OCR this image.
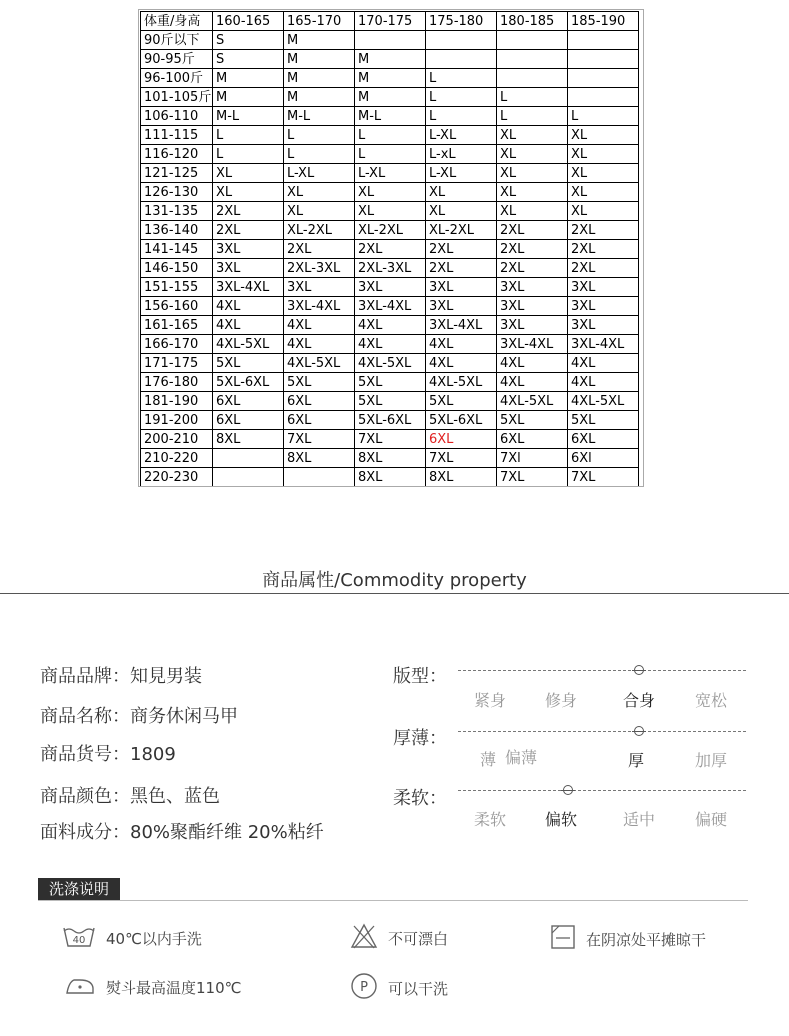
体重/身高	160-165	165-170	170-175	175-180	180-185	185-190
90斤以下	S	M				
90-95斤	S	M	M			
96-100斤	M	M	M	L		
101-105斤	M	M	M	L	L	
106-110	M-L	M-L	M-L	L	L	L
111-115	L	L	L	L-XL	XL	XL
116-120	L	L	L	L-xL	XL	XL
121-125	XL	L-XL	L-XL	L-XL	XL	XL
126-130	XL	XL	XL	XL	XL	XL
131-135	2XL	XL	XL	XL	XL	XL
136-140	2XL	XL-2XL	XL-2XL	XL-2XL	2XL	2XL
141-145	3XL	2XL	2XL	2XL	2XL	2XL
146-150	3XL	2XL-3XL	2XL-3XL	2XL	2XL	2XL
151-155	3XL-4XL	3XL	3XL	3XL	3XL	3XL
156-160	4XL	3XL-4XL	3XL-4XL	3XL	3XL	3XL
161-165	4XL	4XL	4XL	3XL-4XL	3XL	3XL
166-170	4XL-5XL	4XL	4XL	4XL	3XL-4XL	3XL-4XL
171-175	5XL	4XL-5XL	4XL-5XL	4XL	4XL	4XL
176-180	5XL-6XL	5XL	5XL	4XL-5XL	4XL	4XL
181-190	6XL	6XL	5XL	5XL	4XL-5XL	4XL-5XL
191-200	6XL	6XL	5XL-6XL	5XL-6XL	5XL	5XL
200-210	8XL	7XL	7XL	6XL	6XL	6XL
210-220		8XL	8XL	7XL	7Xl	6Xl
220-230			8XL	8XL	7XL	7XL
商品属性/Commodity property
商品品牌：知見男装
商品名称：商务休闲马甲
商品货号：1809
商品颜色：黑色、蓝色
面料成分：80%聚酯纤维 20%粘纤
版型：
紧身 修身	合身 宽松
厚薄：
薄 偏薄	厚	加厚
柔软：
柔软 偏软	适中 偏硬
洗涤说明
40 40℃以内手洗	不可漂白	在阴凉处平摊晾干
熨斗最高温度110℃	P 可以干洗
